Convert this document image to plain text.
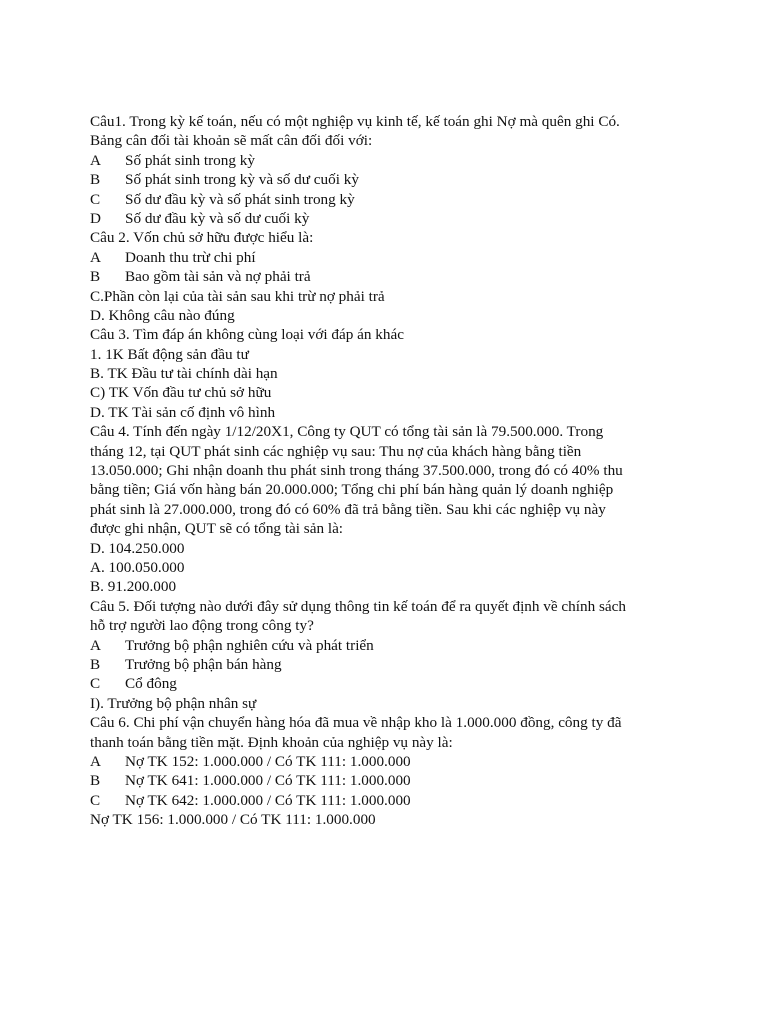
Câu1. Trong kỳ kế toán, nếu có một nghiệp vụ kinh tế, kế toán ghi Nợ mà quên ghi Có.
Bảng cân đối tài khoản sẽ mất cân đối đối với:
A	Số phát sinh trong kỳ
B	Số phát sinh trong kỳ và số dư cuối kỳ
C	Số dư đầu kỳ và số phát sinh trong kỳ
D	Số dư đầu kỳ và số dư cuối kỳ
Câu 2. Vốn chủ sở hữu được hiểu là:
A	Doanh thu trừ chi phí
B	Bao gồm tài sản và nợ phải trả
C.Phần còn lại của tài sản sau khi trừ nợ phải trả
D. Không câu nào đúng
Câu 3. Tìm đáp án không cùng loại với đáp án khác
1. 1K Bất động sản đầu tư
B. TK Đầu tư tài chính dài hạn
C) TK Vốn đầu tư chủ sở hữu
D. TK Tài sản cố định vô hình
Câu 4. Tính đến ngày 1/12/20X1, Công ty QUT có tổng tài sản là 79.500.000. Trong
tháng 12, tại QUT phát sinh các nghiệp vụ sau: Thu nợ của khách hàng bằng tiền
13.050.000; Ghi nhận doanh thu phát sinh trong tháng 37.500.000, trong đó có 40% thu
bằng tiền; Giá vốn hàng bán 20.000.000; Tổng chi phí bán hàng quản lý doanh nghiệp
phát sinh là 27.000.000, trong đó có 60% đã trả bằng tiền. Sau khi các nghiệp vụ này
được ghi nhận, QUT sẽ có tổng tài sản là:
D. 104.250.000
A. 100.050.000
B. 91.200.000
Câu 5. Đối tượng nào dưới đây sử dụng thông tin kế toán để ra quyết định về chính sách
hỗ trợ người lao động trong công ty?
A	Trưởng bộ phận nghiên cứu và phát triển
B	Trưởng bộ phận bán hàng
C	Cổ đông
I). Trưởng bộ phận nhân sự
Câu 6. Chi phí vận chuyển hàng hóa đã mua về nhập kho là 1.000.000 đồng, công ty đã
thanh toán bằng tiền mặt. Định khoản của nghiệp vụ này là:
A	Nợ TK 152: 1.000.000 / Có TK 111: 1.000.000
B	Nợ TK 641: 1.000.000 / Có TK 111: 1.000.000
C	Nợ TK 642: 1.000.000 / Có TK 111: 1.000.000
Nợ TK 156: 1.000.000 / Có TK 111: 1.000.000
